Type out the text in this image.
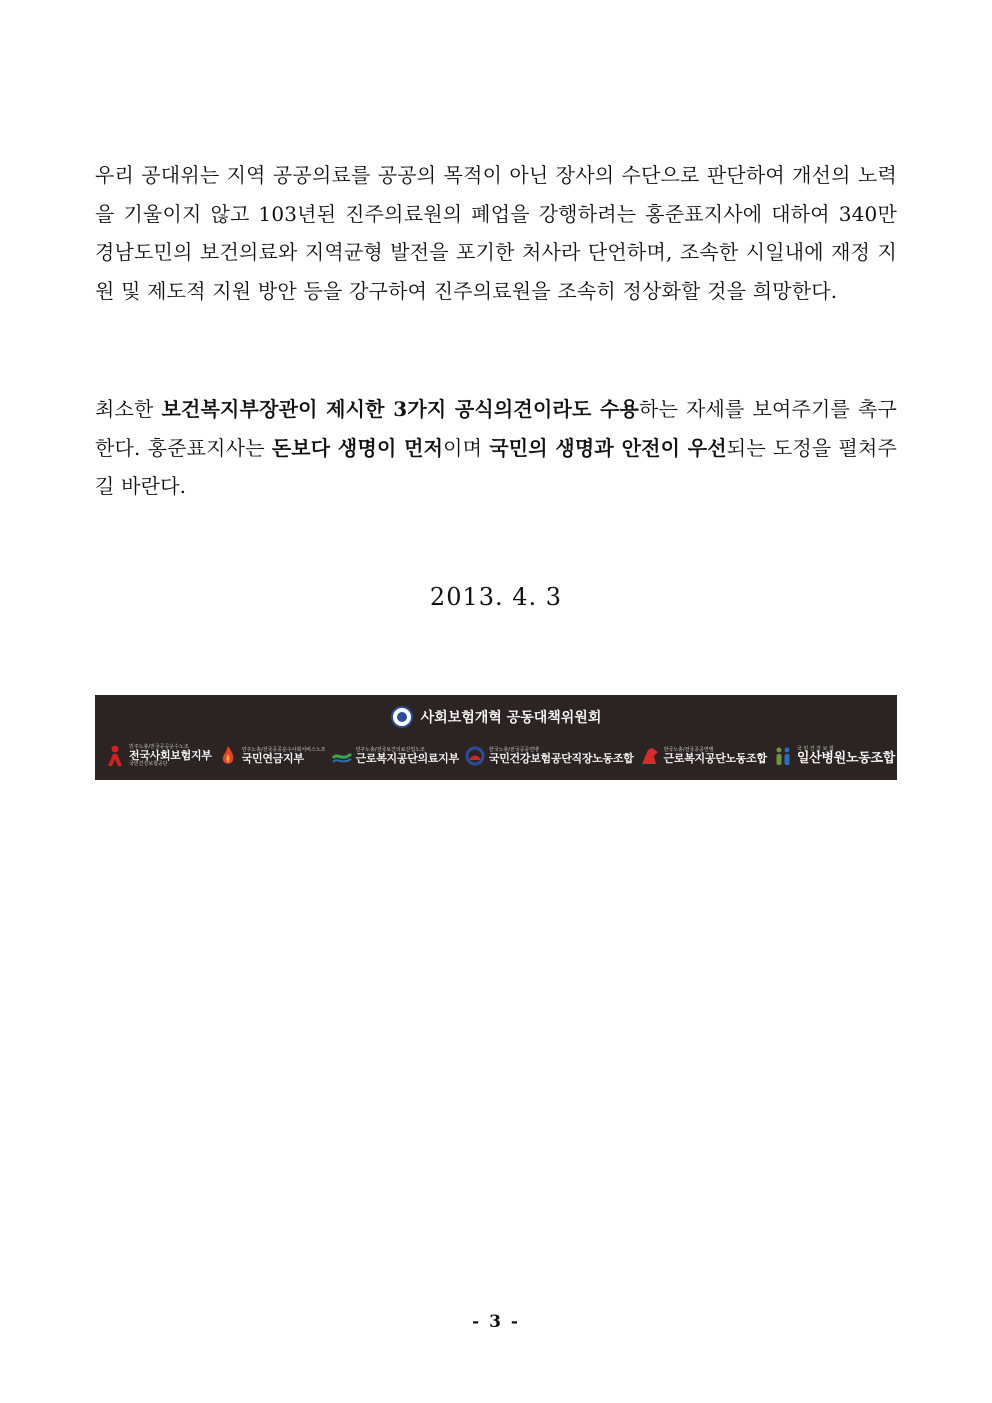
우리 공대위는 지역 공공의료를 공공의 목적이 아닌 장사의 수단으로 판단하여 개선의 노력을 기울이지 않고 103년된 진주의료원의 폐업을 강행하려는 홍준표지사에 대하여 340만 경남도민의 보건의료와 지역균형 발전을 포기한 처사라 단언하며, 조속한 시일내에 재정 지원 및 제도적 지원 방안 등을 강구하여 진주의료원을 조속히 정상화할 것을 희망한다.

최소한 보건복지부장관이 제시한 3가지 공식의견이라도 수용하는 자세를 보여주기를 촉구한다. 홍준표지사는 돈보다 생명이 먼저이며 국민의 생명과 안전이 우선되는 도정을 펼쳐주길 바란다.

2013. 4. 3
사회보험개혁 공동대책위원회
민주노총/전국공공운수노조
전국사회보험지부
국민건강보험공단
민주노총/전국공공운수사회서비스노조
국민연금지부
민주노총/전국보건의료산업노조
근로복지공단의료지부
한국노총/전국공공연맹
국민건강보험공단직장노동조합
한국노총/전국공공연맹
근로복지공단노동조합
국 민 건 강 보 험
일산병원노동조합
- 3 -
